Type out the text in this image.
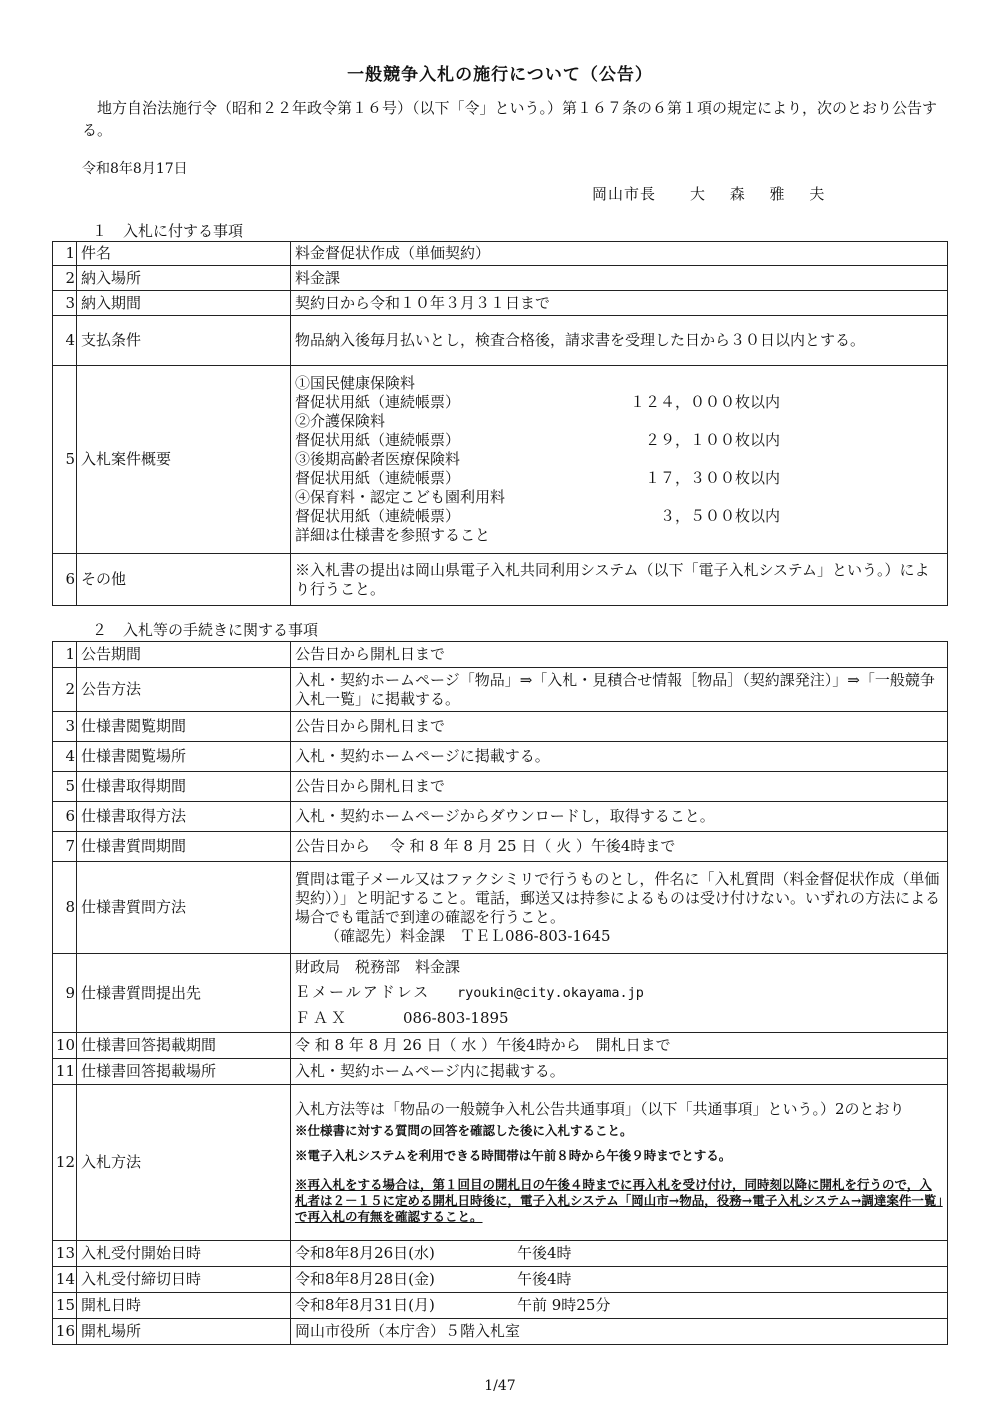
一般競争入札の施行について（公告）

地方自治法施行令（昭和２２年政令第１６号）（以下「令」という。）第１６７条の６第１項の規定により，次のとおり公告する。

令和8年8月17日
岡山市長 大 森 雅 夫
１ 入札に付する事項
1	件名	料金督促状作成（単価契約）
2	納入場所	料金課
3	納入期間	契約日から令和１０年３月３１日まで
4	支払条件	物品納入後毎月払いとし，検査合格後，請求書を受理した日から３０日以内とする。
5	入札案件概要	
①国民健康保険料
督促状用紙（連続帳票）	１２４，０００枚以内
②介護保険料
督促状用紙（連続帳票）	２９，１００枚以内
③後期高齢者医療保険料
督促状用紙（連続帳票）	１７，３００枚以内
④保育料・認定こども園利用料
督促状用紙（連続帳票）	３，５００枚以内
詳細は仕様書を参照すること

6	その他	※入札書の提出は岡山県電子入札共同利用システム（以下「電子入札システム」という。）により行うこと。
２ 入札等の手続きに関する事項
1	公告期間	公告日から開札日まで
2	公告方法	入札・契約ホームページ「物品」⇒「入札・見積合せ情報［物品］（契約課発注）」⇒「一般競争入札一覧」に掲載する。
3	仕様書閲覧期間	公告日から開札日まで
4	仕様書閲覧場所	入札・契約ホームページに掲載する。
5	仕様書取得期間	公告日から開札日まで
6	仕様書取得方法	入札・契約ホームページからダウンロードし，取得すること。
7	仕様書質問期間	公告日から　 令 和 8 年 8 月 25 日（ 火 ）午後4時まで
8	仕様書質問方法	質問は電子メール又はファクシミリで行うものとし，件名に「入札質問（料金督促状作成（単価契約））」と明記すること。電話，郵送又は持参によるものは受け付けない。いずれの方法による場合でも電話で到達の確認を行うこと。
（確認先）料金課　ＴＥＬ086-803-1645

9	仕様書質問提出先	財政局　税務部　料金課
Ｅメールアドレス ryoukin@city.okayama.jp
ＦＡＸ 086-803-1895

10	仕様書回答掲載期間	令 和 8 年 8 月 26 日（ 水 ）午後4時から　開札日まで
11	仕様書回答掲載場所	入札・契約ホームページ内に掲載する。
12	入札方法	入札方法等は「物品の一般競争入札公告共通事項」（以下「共通事項」という。）2のとおり
※仕様書に対する質問の回答を確認した後に入札すること。
※電子入札システムを利用できる時間帯は午前８時から午後９時までとする。
※再入札をする場合は，第１回目の開札日の午後４時までに再入札を受け付け，同時刻以降に開札を行うので，入札者は２－１５に定める開札日時後に，電子入札システム「岡山市→物品，役務→電子入札システム→調達案件一覧」で再入札の有無を確認すること。

13	入札受付開始日時	令和8年8月26日(水) 午後4時
14	入札受付締切日時	令和8年8月28日(金) 午後4時
15	開札日時	令和8年8月31日(月) 午前 9時25分
16	開札場所	岡山市役所（本庁舎）５階入札室
1/47
